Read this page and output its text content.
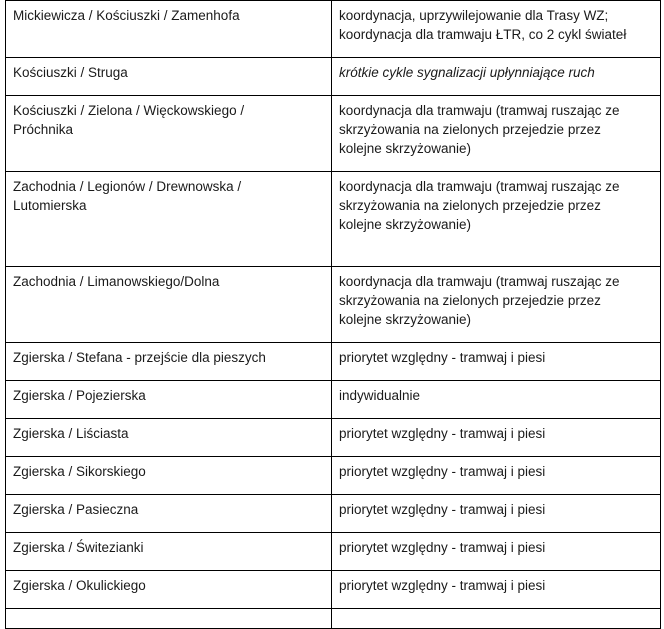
Mickiewicza / Kościuszki / Zamenhofa	koordynacja, uprzywilejowanie dla Trasy WZ;
koordynacja dla tramwaju ŁTR, co 2 cykl świateł

Kościuszki / Struga	krótkie cykle sygnalizacji upłynniające ruch

Kościuszki / Zielona / Więckowskiego /
Próchnika	koordynacja dla tramwaju (tramwaj ruszając ze
skrzyżowania na zielonych przejedzie przez
kolejne skrzyżowanie)

Zachodnia / Legionów / Drewnowska /
Lutomierska	koordynacja dla tramwaju (tramwaj ruszając ze
skrzyżowania na zielonych przejedzie przez
kolejne skrzyżowanie)

Zachodnia / Limanowskiego/Dolna	koordynacja dla tramwaju (tramwaj ruszając ze
skrzyżowania na zielonych przejedzie przez
kolejne skrzyżowanie)

Zgierska / Stefana - przejście dla pieszych	priorytet względny - tramwaj i piesi

Zgierska / Pojezierska	indywidualnie

Zgierska / Liściasta	priorytet względny - tramwaj i piesi

Zgierska / Sikorskiego	priorytet względny - tramwaj i piesi

Zgierska / Pasieczna	priorytet względny - tramwaj i piesi

Zgierska / Świtezianki	priorytet względny - tramwaj i piesi

Zgierska / Okulickiego	priorytet względny - tramwaj i piesi
